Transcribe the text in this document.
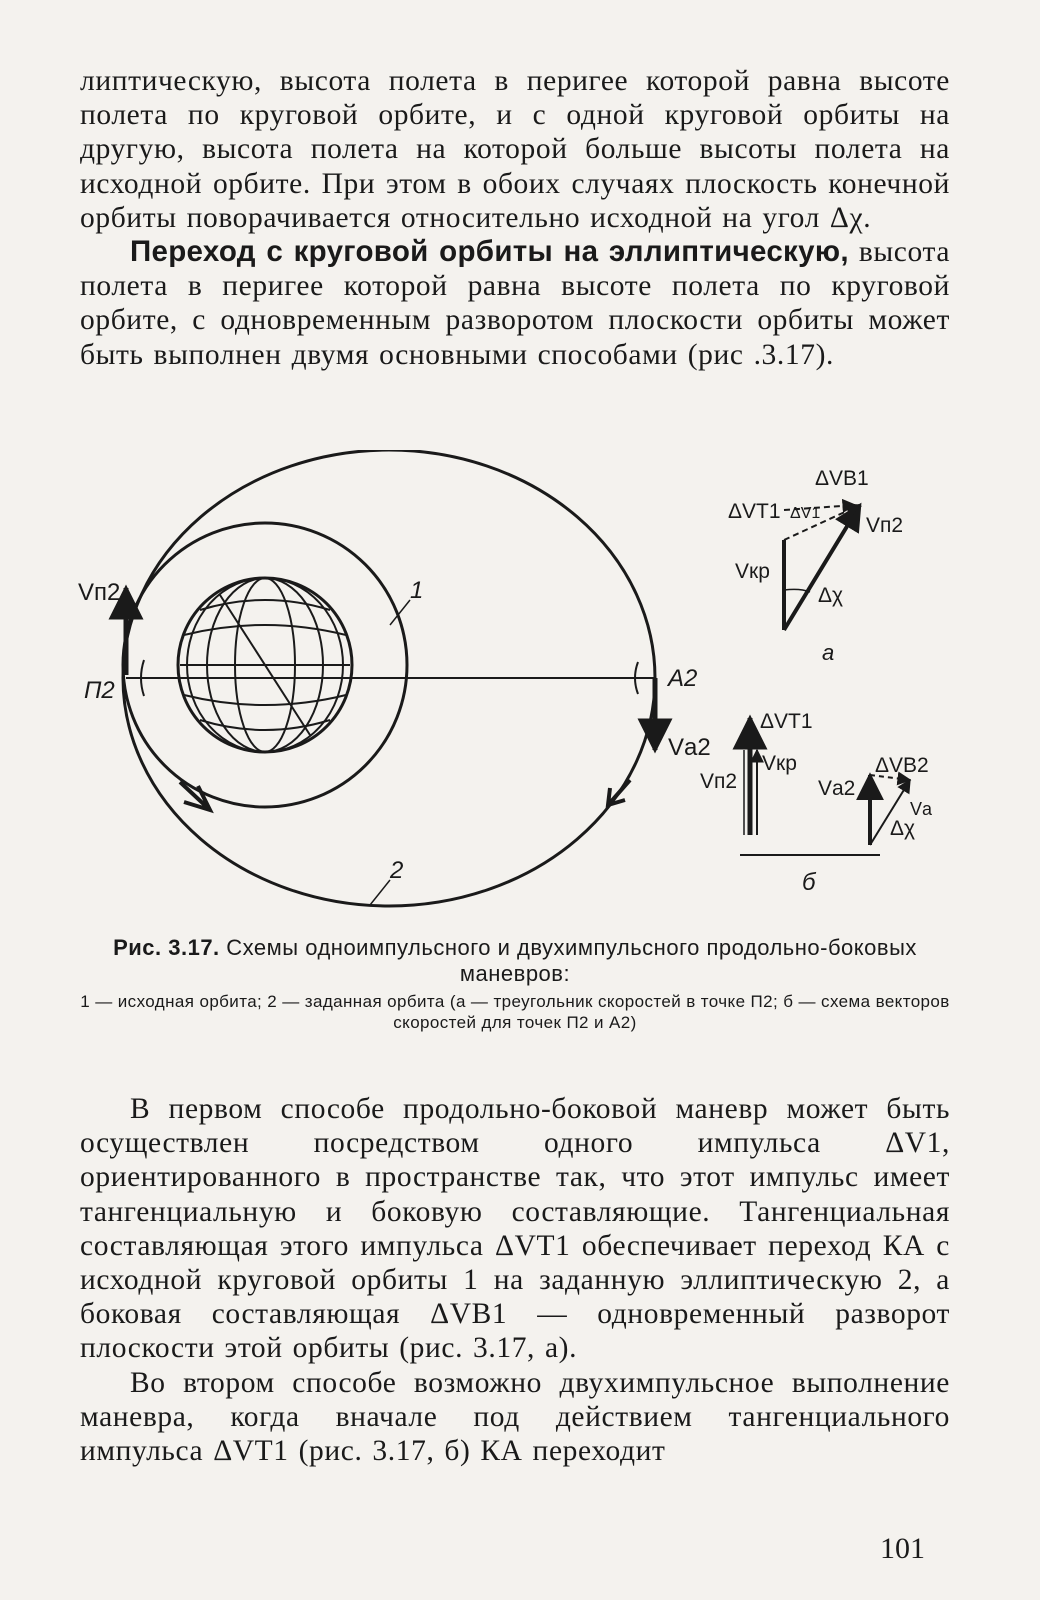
липтическую, высота полета в перигее которой равна высоте полета по круговой орбите, и с одной круговой орбиты на другую, высота полета на которой больше высоты полета на исходной орбите. При этом в обоих случаях плоскость конечной орбиты поворачивается относительно исходной на угол Δχ.

Переход с круговой орбиты на эллиптическую, высота полета в перигее которой равна высоте полета по круговой орбите, с одновременным разворотом плоскости орбиты может быть выполнен двумя основными способами (рис .3.17).

Vп2
П2	А2
Vа2
1
2
ΔVВ1
ΔVТ1 ΔV1
Vп2
Vкр
Δχ
а
ΔVТ1
Vкр
Vп2	Vа2
ΔVВ2
Vа
Δχ
б
Рис. 3.17. Схемы одноимпульсного и двухимпульсного продольно-боковых маневров:
1 — исходная орбита; 2 — заданная орбита (а — треугольник скоростей в точке П2; б — схема векторов скоростей для точек П2 и А2)

В первом способе продольно-боковой маневр может быть осуществлен посредством одного импульса ΔV1, ориентированного в пространстве так, что этот импульс имеет тангенциальную и боковую составляющие. Тангенциальная составляющая этого импульса ΔVТ1 обеспечивает переход КА с исходной круговой орбиты 1 на заданную эллиптическую 2, а боковая составляющая ΔVВ1 — одновременный разворот плоскости этой орбиты (рис. 3.17, а).

Во втором способе возможно двухимпульсное выполнение маневра, когда вначале под действием тангенциального импульса ΔVТ1 (рис. 3.17, б) КА переходит

101
